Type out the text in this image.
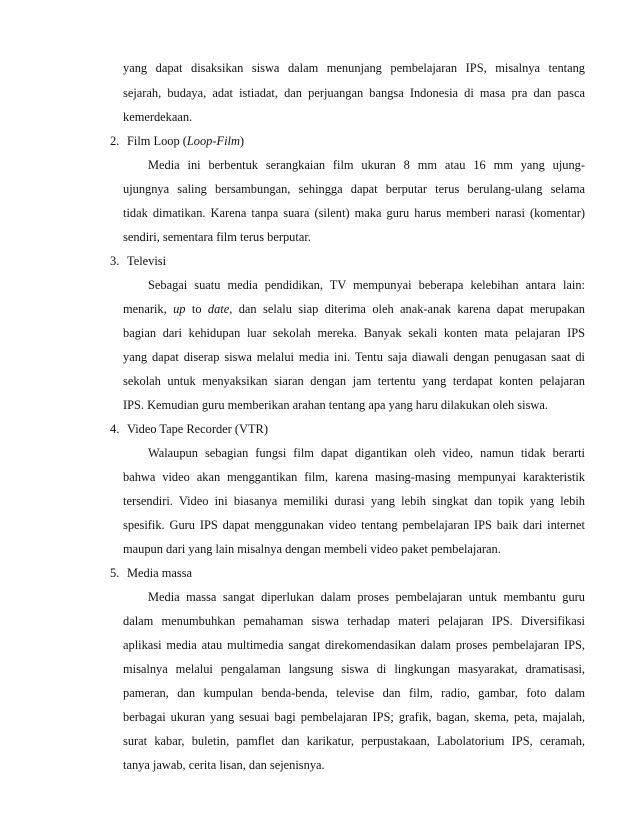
yang dapat disaksikan siswa dalam menunjang pembelajaran IPS, misalnya tentang
sejarah, budaya, adat istiadat, dan perjuangan bangsa Indonesia di masa pra dan pasca
kemerdekaan.
2. Film Loop (Loop-Film)
Media ini berbentuk serangkaian film ukuran 8 mm atau 16 mm yang ujung-
ujungnya saling bersambungan, sehingga dapat berputar terus berulang-ulang selama
tidak dimatikan. Karena tanpa suara (silent) maka guru harus memberi narasi (komentar)
sendiri, sementara film terus berputar.
3. Televisi
Sebagai suatu media pendidikan, TV mempunyai beberapa kelebihan antara lain:
menarik, up to date, dan selalu siap diterima oleh anak-anak karena dapat merupakan
bagian dari kehidupan luar sekolah mereka. Banyak sekali konten mata pelajaran IPS
yang dapat diserap siswa melalui media ini. Tentu saja diawali dengan penugasan saat di
sekolah untuk menyaksikan siaran dengan jam tertentu yang terdapat konten pelajaran
IPS. Kemudian guru memberikan arahan tentang apa yang haru dilakukan oleh siswa.
4. Video Tape Recorder (VTR)
Walaupun sebagian fungsi film dapat digantikan oleh video, namun tidak berarti
bahwa video akan menggantikan film, karena masing-masing mempunyai karakteristik
tersendiri. Video ini biasanya memiliki durasi yang lebih singkat dan topik yang lebih
spesifik. Guru IPS dapat menggunakan video tentang pembelajaran IPS baik dari internet
maupun dari yang lain misalnya dengan membeli video paket pembelajaran.
5. Media massa
Media massa sangat diperlukan dalam proses pembelajaran untuk membantu guru
dalam menumbuhkan pemahaman siswa terhadap materi pelajaran IPS. Diversifikasi
aplikasi media atau multimedia sangat direkomendasikan dalam proses pembelajaran IPS,
misalnya melalui pengalaman langsung siswa di lingkungan masyarakat, dramatisasi,
pameran, dan kumpulan benda-benda, televise dan film, radio, gambar, foto dalam
berbagai ukuran yang sesuai bagi pembelajaran IPS; grafik, bagan, skema, peta, majalah,
surat kabar, buletin, pamflet dan karikatur, perpustakaan, Labolatorium IPS, ceramah,
tanya jawab, cerita lisan, dan sejenisnya.
